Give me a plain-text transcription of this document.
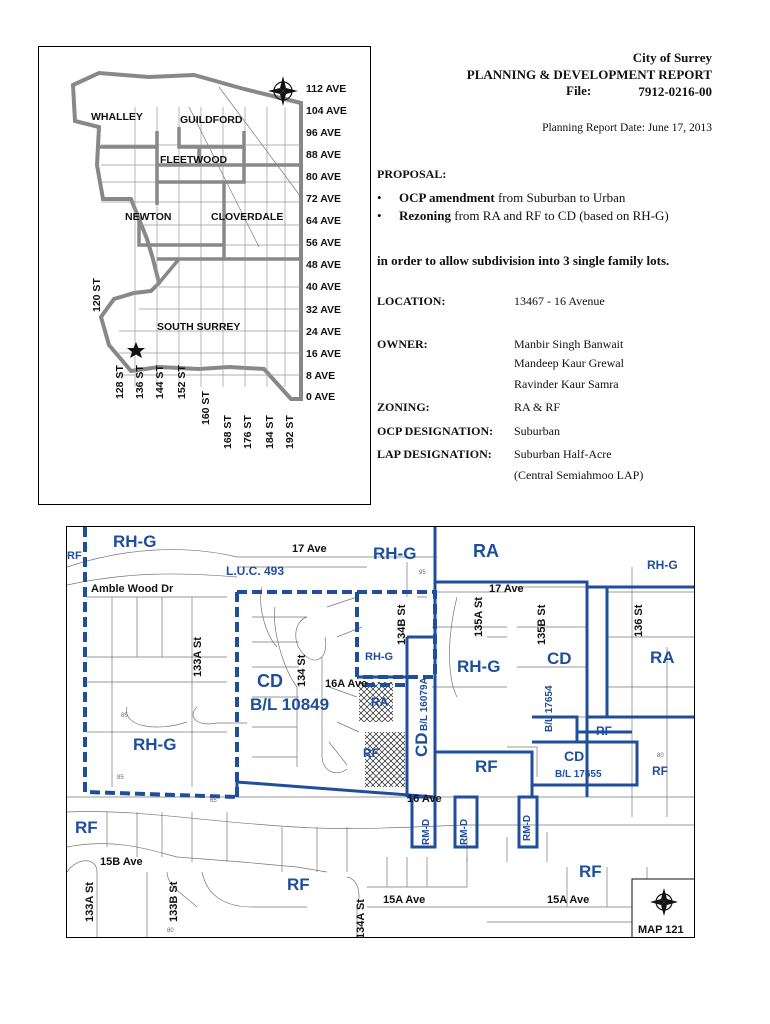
WHALLEY	GUILDFORD
FLEETWOOD
NEWTON	CLOVERDALE
SOUTH SURREY
112 AVE
104 AVE
96 AVE
88 AVE
80 AVE
72 AVE
64 AVE
56 AVE
48 AVE
40 AVE
32 AVE
24 AVE
16 AVE
8 AVE
0 AVE
120 ST
128 ST 136 ST 144 ST 152 ST
160 ST
168 ST 176 ST 184 ST 192 ST
City of Surrey
PLANNING & DEVELOPMENT REPORT
File:	7912-0216-00
Planning Report Date: June 17, 2013
PROPOSAL:
• OCP amendment from Suburban to Urban
• Rezoning from RA and RF to CD (based on RH-G)
in order to allow subdivision into 3 single family lots.
LOCATION:	13467 - 16 Avenue
OWNER:	Manbir Singh Banwait
Mandeep Kaur Grewal
Ravinder Kaur Samra
ZONING:	RA & RF
OCP DESIGNATION: Suburban
LAP DESIGNATION: Suburban Half-Acre
(Central Semiahmoo LAP)
MAP 121
RH-G
RF	RH-G	RA
RH-G
L.U.C. 493
CD
B/L 10849
RH-G
RA
RF
B/L 16079A
CD
RH-G	CD	RA
B/L 17654	RF
CD
B/L 17655	RF
RF
RH-G
RF
RF
RF
RM-D	RM-D	RM-D
17 Ave
17 Ave
Amble Wood Dr
133A St	134 St
134B St	135A St	135B St	136 St
16A Ave
16 Ave
15B Ave
133A St	133B St	134A St 15A Ave	15A Ave
95
85
85
80
65
80
